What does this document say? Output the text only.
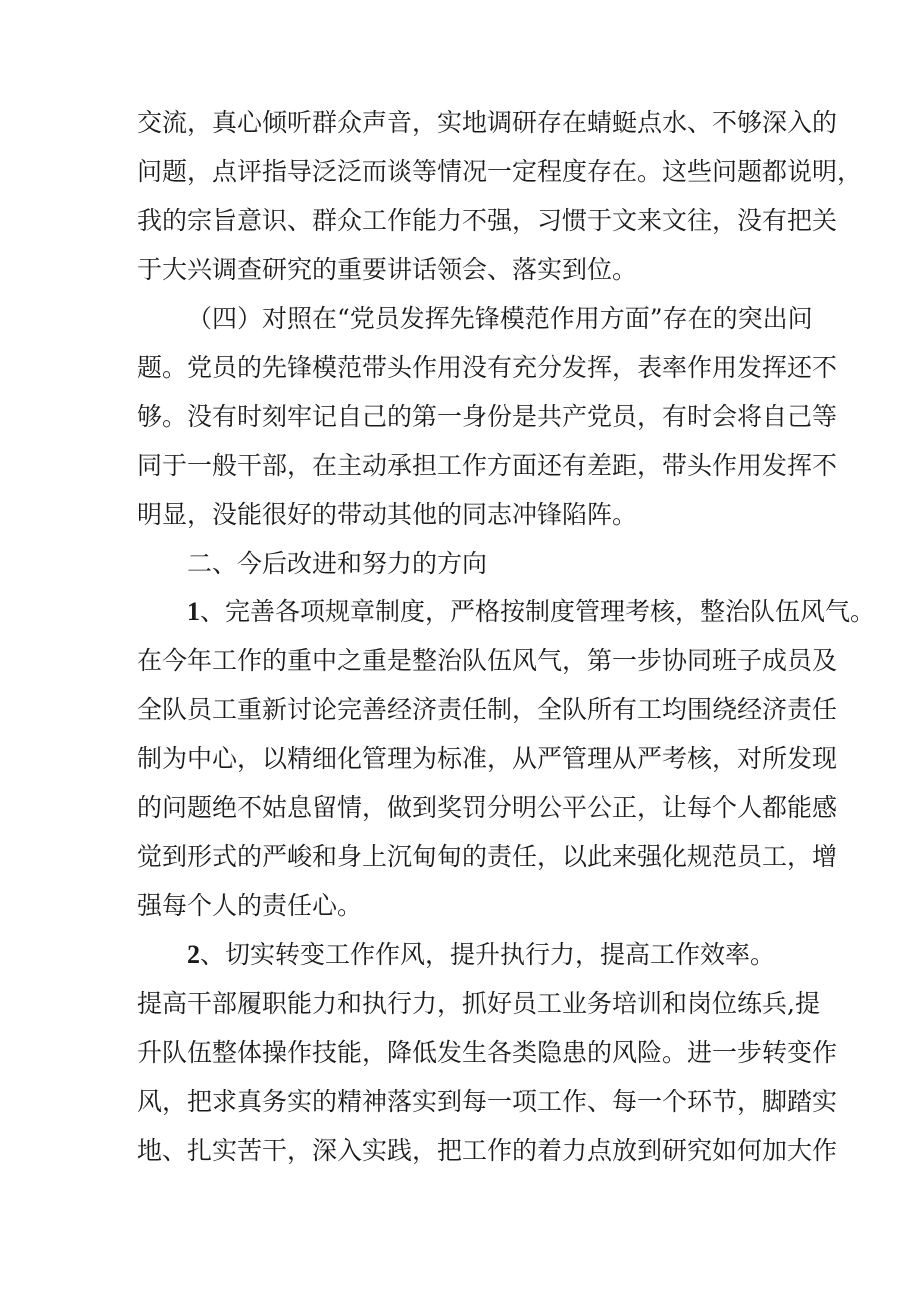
交流，真心倾听群众声音，实地调研存在蜻蜓点水、不够深入的
问题，点评指导泛泛而谈等情况一定程度存在。这些问题都说明，
我的宗旨意识、群众工作能力不强，习惯于文来文往，没有把关
于大兴调查研究的重要讲话领会、落实到位。
（四）对照在“党员发挥先锋模范作用方面”存在的突出问
题。党员的先锋模范带头作用没有充分发挥，表率作用发挥还不
够。没有时刻牢记自己的第一身份是共产党员，有时会将自己等
同于一般干部，在主动承担工作方面还有差距，带头作用发挥不
明显，没能很好的带动其他的同志冲锋陷阵。
二、今后改进和努力的方向
1、完善各项规章制度，严格按制度管理考核，整治队伍风气。
在今年工作的重中之重是整治队伍风气，第一步协同班子成员及
全队员工重新讨论完善经济责任制，全队所有工均围绕经济责任
制为中心，以精细化管理为标准，从严管理从严考核，对所发现
的问题绝不姑息留情，做到奖罚分明公平公正，让每个人都能感
觉到形式的严峻和身上沉甸甸的责任，以此来强化规范员工，增
强每个人的责任心。
2、切实转变工作作风，提升执行力，提高工作效率。
提高干部履职能力和执行力，抓好员工业务培训和岗位练兵,提
升队伍整体操作技能，降低发生各类隐患的风险。进一步转变作
风，把求真务实的精神落实到每一项工作、每一个环节，脚踏实
地、扎实苦干，深入实践，把工作的着力点放到研究如何加大作
